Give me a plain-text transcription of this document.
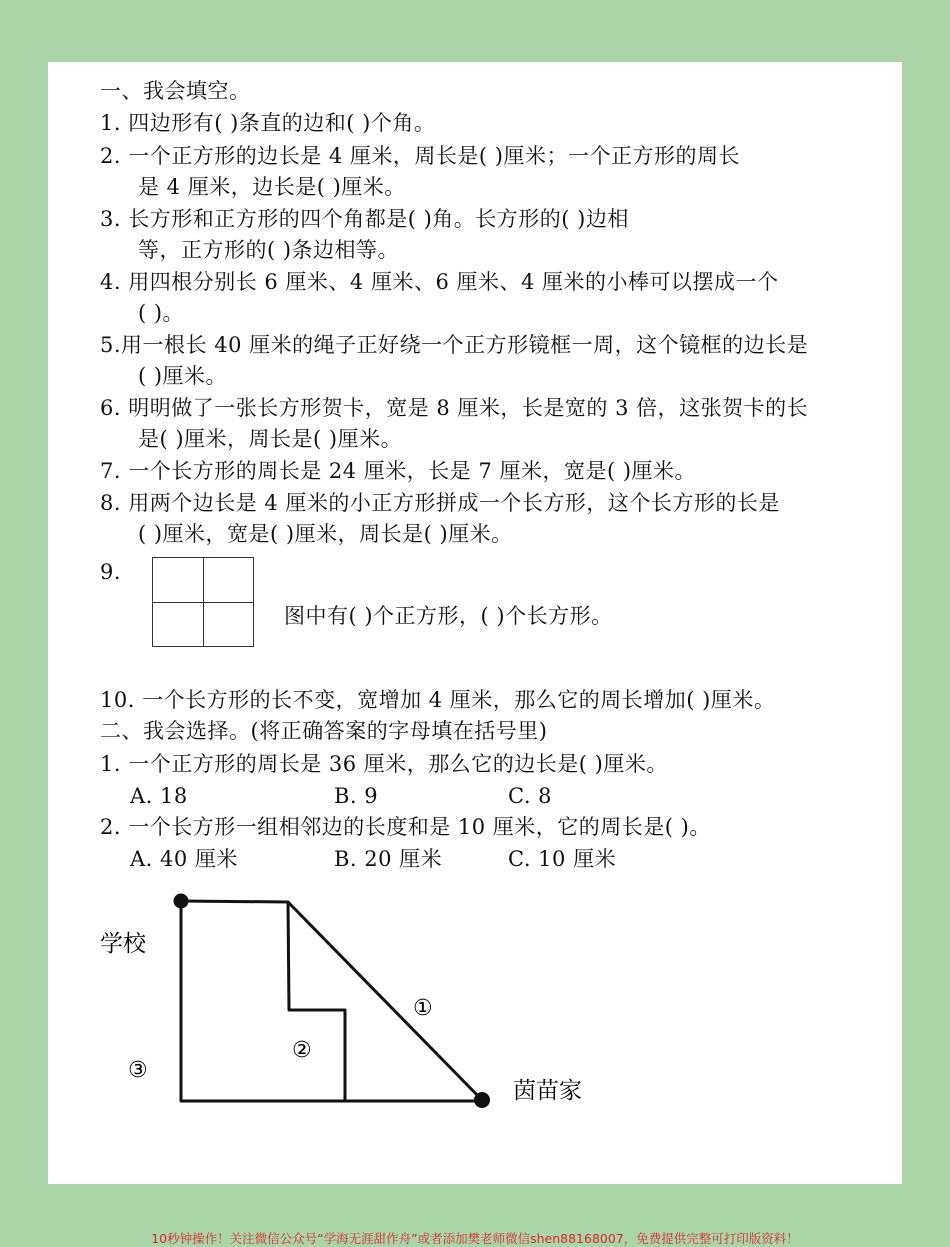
一、我会填空。
1. 四边形有( )条直的边和( )个角。
2. 一个正方形的边长是 4 厘米，周长是( )厘米；一个正方形的周长
是 4 厘米，边长是( )厘米。
3. 长方形和正方形的四个角都是( )角。长方形的( )边相
等，正方形的( )条边相等。
4. 用四根分别长 6 厘米、4 厘米、6 厘米、4 厘米的小棒可以摆成一个
( )。
5.用一根长 40 厘米的绳子正好绕一个正方形镜框一周，这个镜框的边长是
( )厘米。
6. 明明做了一张长方形贺卡，宽是 8 厘米，长是宽的 3 倍，这张贺卡的长
是( )厘米，周长是( )厘米。
7. 一个长方形的周长是 24 厘米，长是 7 厘米，宽是( )厘米。
8. 用两个边长是 4 厘米的小正方形拼成一个长方形，这个长方形的长是
( )厘米，宽是( )厘米，周长是( )厘米。
9.
图中有( )个正方形，( )个长方形。
10. 一个长方形的长不变，宽增加 4 厘米，那么它的周长增加( )厘米。
二、我会选择。(将正确答案的字母填在括号里)
1. 一个正方形的周长是 36 厘米，那么它的边长是( )厘米。
A. 18	B. 9	C. 8
2. 一个长方形一组相邻边的长度和是 10 厘米，它的周长是( )。
A. 40 厘米	B. 20 厘米	C. 10 厘米
学校
茵苗家
①
②
③
10秒钟操作！关注微信公众号“学海无涯甜作舟”或者添加樊老师微信shen88168007，免费提供完整可打印版资料！
